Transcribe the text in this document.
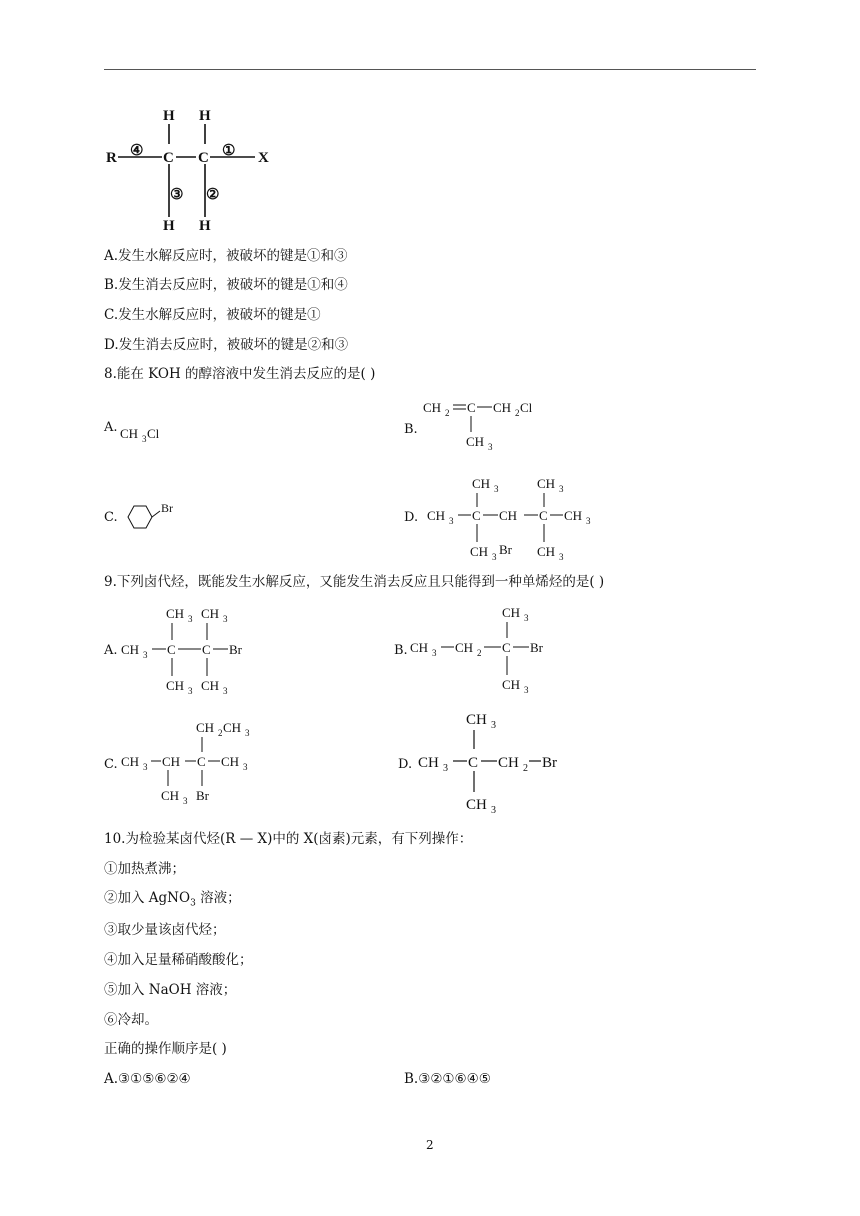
R ④ C C ① X
H H
H H
③ ②
A.发生水解反应时，被破坏的键是①和③
B.发生消去反应时，被破坏的键是①和④
C.发生水解反应时，被破坏的键是①
D.发生消去反应时，被破坏的键是②和③
8.能在 KOH 的醇溶液中发生消去反应的是( )
A. CH 3 Cl	B.
CH 2 C CH 2 Cl
CH 3
C.
Br
D.
CH 3	CH 3
CH 3 C CH C CH 3
CH 3 Br CH 3
9.下列卤代烃，既能发生水解反应，又能发生消去反应且只能得到一种单烯烃的是( )
A.
CH 3 CH 3
CH 3 C C Br
CH 3 CH 3
B.
CH 3
CH 3 CH 2 C Br
CH 3
C.
CH 2 CH 3
CH 3 CH C CH 3
CH 3 Br
D.
CH 3
CH 3 C CH 2 Br
CH 3
10.为检验某卤代烃(R — X)中的 X(卤素)元素，有下列操作：
①加热煮沸；
②加入 AgNO$_3$ 溶液；
③取少量该卤代烃；
④加入足量稀硝酸酸化；
⑤加入 NaOH 溶液；
⑥冷却。
正确的操作顺序是( )
A.③①⑤⑥②④	B.③②①⑥④⑤
2
